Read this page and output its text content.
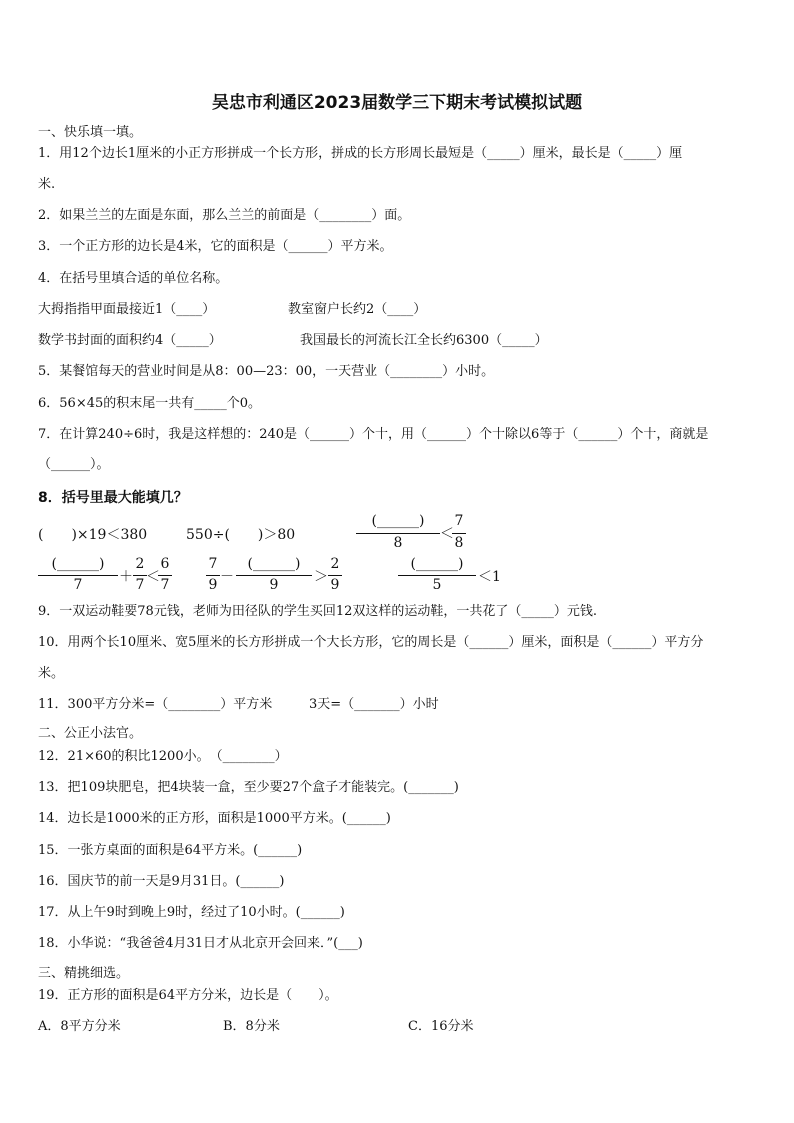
吴忠市利通区2023届数学三下期末考试模拟试题
一、快乐填一填。
1．用12个边长1厘米的小正方形拼成一个长方形，拼成的长方形周长最短是（_____）厘米，最长是（_____）厘
米.
2．如果兰兰的左面是东面，那么兰兰的前面是（________）面。
3．一个正方形的边长是4米，它的面积是（______）平方米。
4．在括号里填合适的单位名称。
大拇指指甲面最接近1（____）	教室窗户长约2（____）
数学书封面的面积约4（_____）	我国最长的河流长江全长约6300（_____）
5．某餐馆每天的营业时间是从8：00—23：00，一天营业（________）小时。
6．56×45的积末尾一共有_____个0。
7．在计算240÷6时，我是这样想的：240是（______）个十，用（______）个十除以6等于（______）个十，商就是
（______）。
8．括号里最大能填几？
(　　)×19＜380	550÷(　　)＞80
(______)
8
＜
7
8
(______)
7	＋
2
7 ＜
6
7
7
9 －
(______)
9	＞
2
9
(______)
5	＜1
9．一双运动鞋要78元钱，老师为田径队的学生买回12双这样的运动鞋，一共花了（_____）元钱.
10．用两个长10厘米、宽5厘米的长方形拼成一个大长方形，它的周长是（______）厘米，面积是（______）平方分
米。
11．300平方分米=（________）平方米	3天=（_______）小时
二、公正小法官。
12．21×60的积比1200小。　（________）
13．把109块肥皂，把4块装一盒，至少要27个盒子才能装完。(_______)
14．边长是1000米的正方形，面积是1000平方米。(______)
15．一张方桌面的面积是64平方米。(______)
16．国庆节的前一天是9月31日。(______)
17．从上午9时到晚上9时，经过了10小时。(______)
18．小华说：“我爸爸4月31日才从北京开会回来．”(___)
三、精挑细选。
19．正方形的面积是64平方分米，边长是（　　）。
A．8平方分米	B．8分米	C．16分米
